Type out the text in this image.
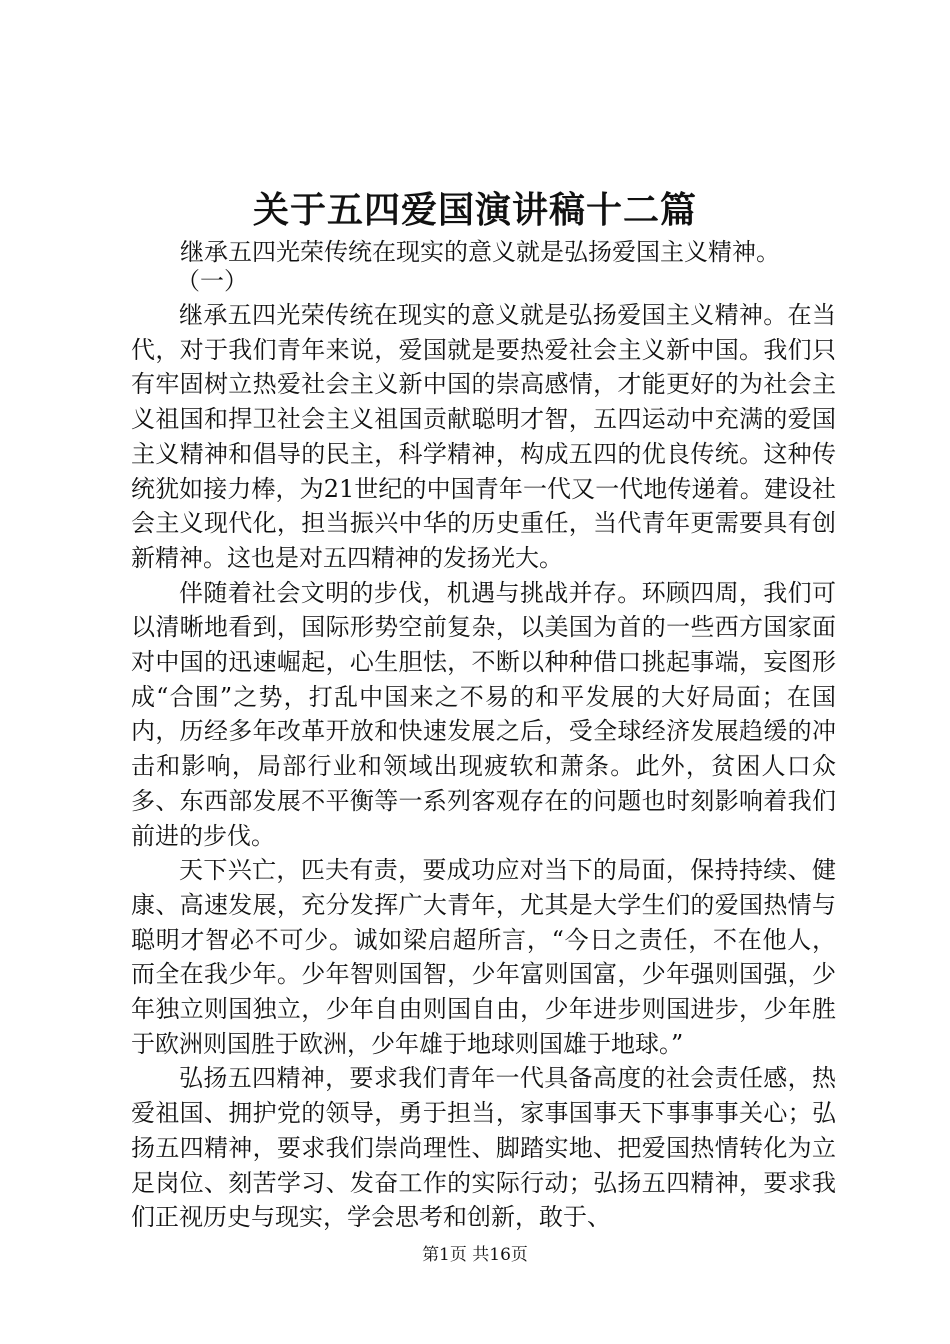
关于五四爱国演讲稿十二篇

继承五四光荣传统在现实的意义就是弘扬爱国主义精神。

（一）

继承五四光荣传统在现实的意义就是弘扬爱国主义精神。在当代，对于我们青年来说，爱国就是要热爱社会主义新中国。我们只有牢固树立热爱社会主义新中国的崇高感情，才能更好的为社会主义祖国和捍卫社会主义祖国贡献聪明才智，五四运动中充满的爱国主义精神和倡导的民主，科学精神，构成五四的优良传统。这种传统犹如接力棒，为21世纪的中国青年一代又一代地传递着。建设社会主义现代化，担当振兴中华的历史重任，当代青年更需要具有创新精神。这也是对五四精神的发扬光大。

伴随着社会文明的步伐，机遇与挑战并存。环顾四周，我们可以清晰地看到，国际形势空前复杂，以美国为首的一些西方国家面对中国的迅速崛起，心生胆怯，不断以种种借口挑起事端，妄图形成“合围”之势，打乱中国来之不易的和平发展的大好局面；在国内，历经多年改革开放和快速发展之后，受全球经济发展趋缓的冲击和影响，局部行业和领域出现疲软和萧条。此外，贫困人口众多、东西部发展不平衡等一系列客观存在的问题也时刻影响着我们前进的步伐。

天下兴亡，匹夫有责，要成功应对当下的局面，保持持续、健康、高速发展，充分发挥广大青年，尤其是大学生们的爱国热情与聪明才智必不可少。诚如梁启超所言，“今日之责任，不在他人，而全在我少年。少年智则国智，少年富则国富，少年强则国强，少年独立则国独立，少年自由则国自由，少年进步则国进步，少年胜于欧洲则国胜于欧洲，少年雄于地球则国雄于地球。”

弘扬五四精神，要求我们青年一代具备高度的社会责任感，热爱祖国、拥护党的领导，勇于担当，家事国事天下事事事关心；弘扬五四精神，要求我们崇尚理性、脚踏实地、把爱国热情转化为立足岗位、刻苦学习、发奋工作的实际行动；弘扬五四精神，要求我们正视历史与现实，学会思考和创新，敢于、

第1页 共16页
